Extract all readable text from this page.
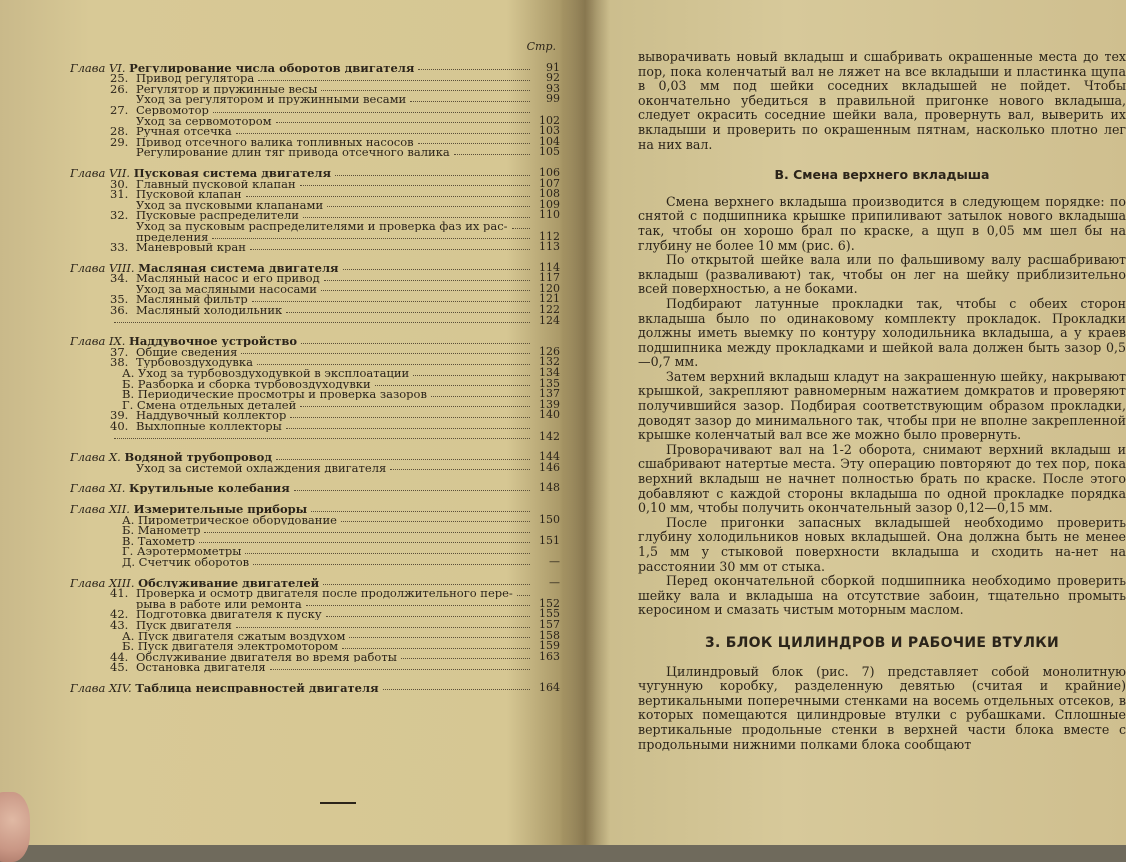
Стр.
Глава VI. Регулирование числа оборотов двигателя	91
25. Привод регулятора	92
26. Регулятор и пружинные весы	93
Уход за регулятором и пружинными весами	99
27. Сервомотор
Уход за сервомотором	102
28. Ручная отсечка	103
29. Привод отсечного валика топливных насосов	104
Регулирование длин тяг привода отсечного валика	105
Глава VII. Пусковая система двигателя	106
30. Главный пусковой клапан	107
31. Пусковой клапан	108
Уход за пусковыми клапанами	109
32. Пусковые распределители	110
Уход за пусковым распределителями и проверка фаз их рас-
пределения	112
33. Маневровый кран	113
Глава VIII. Масляная система двигателя	114
34. Масляный насос и его привод	117
Уход за масляными насосами	120
35. Масляный фильтр	121
36. Масляный холодильник	122
124
Глава IX. Наддувочное устройство
37. Общие сведения	126
38. Турбовоздуходувка	132
А. Уход за турбовоздуходувкой в эксплоатации	134
Б. Разборка и сборка турбовоздуходувки	135
В. Периодические просмотры и проверка зазоров	137
Г. Смена отдельных деталей	139
39. Наддувочный коллектор	140
40. Выхлопные коллекторы
142
Глава X. Водяной трубопровод	144
Уход за системой охлаждения двигателя	146
Глава XI. Крутильные колебания	148
Глава XII. Измерительные приборы
А. Пирометрическое оборудование	150
Б. Манометр
В. Тахометр	151
Г. Аэротермометры
Д. Счетчик оборотов	—
Глава XIII. Обслуживание двигателей	—
41. Проверка и осмотр двигателя после продолжительного пере-
рыва в работе или ремонта	152
42. Подготовка двигателя к пуску	155
43. Пуск двигателя	157
А. Пуск двигателя сжатым воздухом	158
Б. Пуск двигателя электромотором	159
44. Обслуживание двигателя во время работы	163
45. Остановка двигателя
Глава XIV. Таблица неисправностей двигателя	164

выворачивать новый вкладыш и сшабривать окрашенные места до тех пор, пока коленчатый вал не ляжет на все вкладыши и пластинка щупа в 0,03 мм под шейки соседних вкладышей не пойдет. Чтобы окончательно убедиться в правильной пригонке нового вкладыша, следует окрасить соседние шейки вала, провернуть вал, выверить их вкладыши и проверить по окрашенным пятнам, насколько плотно лег на них вал.

В. Смена верхнего вкладыша

Смена верхнего вкладыша производится в следующем порядке: по снятой с подшипника крышке припиливают затылок нового вкладыша так, чтобы он хорошо брал по краске, а щуп в 0,05 мм шел бы на глубину не более 10 мм (рис. 6).

По открытой шейке вала или по фальшивому валу расшабривают вкладыш (разваливают) так, чтобы он лег на шейку приблизительно всей поверхностью, а не боками.

Подбирают латунные прокладки так, чтобы с обеих сторон вкладыша было по одинаковому комплекту прокладок. Прокладки должны иметь выемку по контуру холодильника вкладыша, а у краев подшипника между прокладками и шейкой вала должен быть зазор 0,5—0,7 мм.

Затем верхний вкладыш кладут на закрашенную шейку, накрывают крышкой, закрепляют равномерным нажатием домкратов и проверяют получившийся зазор. Подбирая соответствующим образом прокладки, доводят зазор до минимального так, чтобы при не вполне закрепленной крышке коленчатый вал все же можно было провернуть.

Проворачивают вал на 1-2 оборота, снимают верхний вкладыш и сшабривают натертые места. Эту операцию повторяют до тех пор, пока верхний вкладыш не начнет полностью брать по краске. После этого добавляют с каждой стороны вкладыша по одной прокладке порядка 0,10 мм, чтобы получить окончательный зазор 0,12—0,15 мм.

После пригонки запасных вкладышей необходимо проверить глубину холодильников новых вкладышей. Она должна быть не менее 1,5 мм у стыковой поверхности вкладыша и сходить на-нет на расстоянии 30 мм от стыка.

Перед окончательной сборкой подшипника необходимо проверить шейку вала и вкладыша на отсутствие забоин, тщательно промыть керосином и смазать чистым моторным маслом.

3. БЛОК ЦИЛИНДРОВ И РАБОЧИЕ ВТУЛКИ

Цилиндровый блок (рис. 7) представляет собой монолитную чугунную коробку, разделенную девятью (считая и крайние) вертикальными поперечными стенками на восемь отдельных отсеков, в которых помещаются цилиндровые втулки с рубашками. Сплошные вертикальные продольные стенки в верхней части блока вместе с продольными нижними полками блока сообщают
